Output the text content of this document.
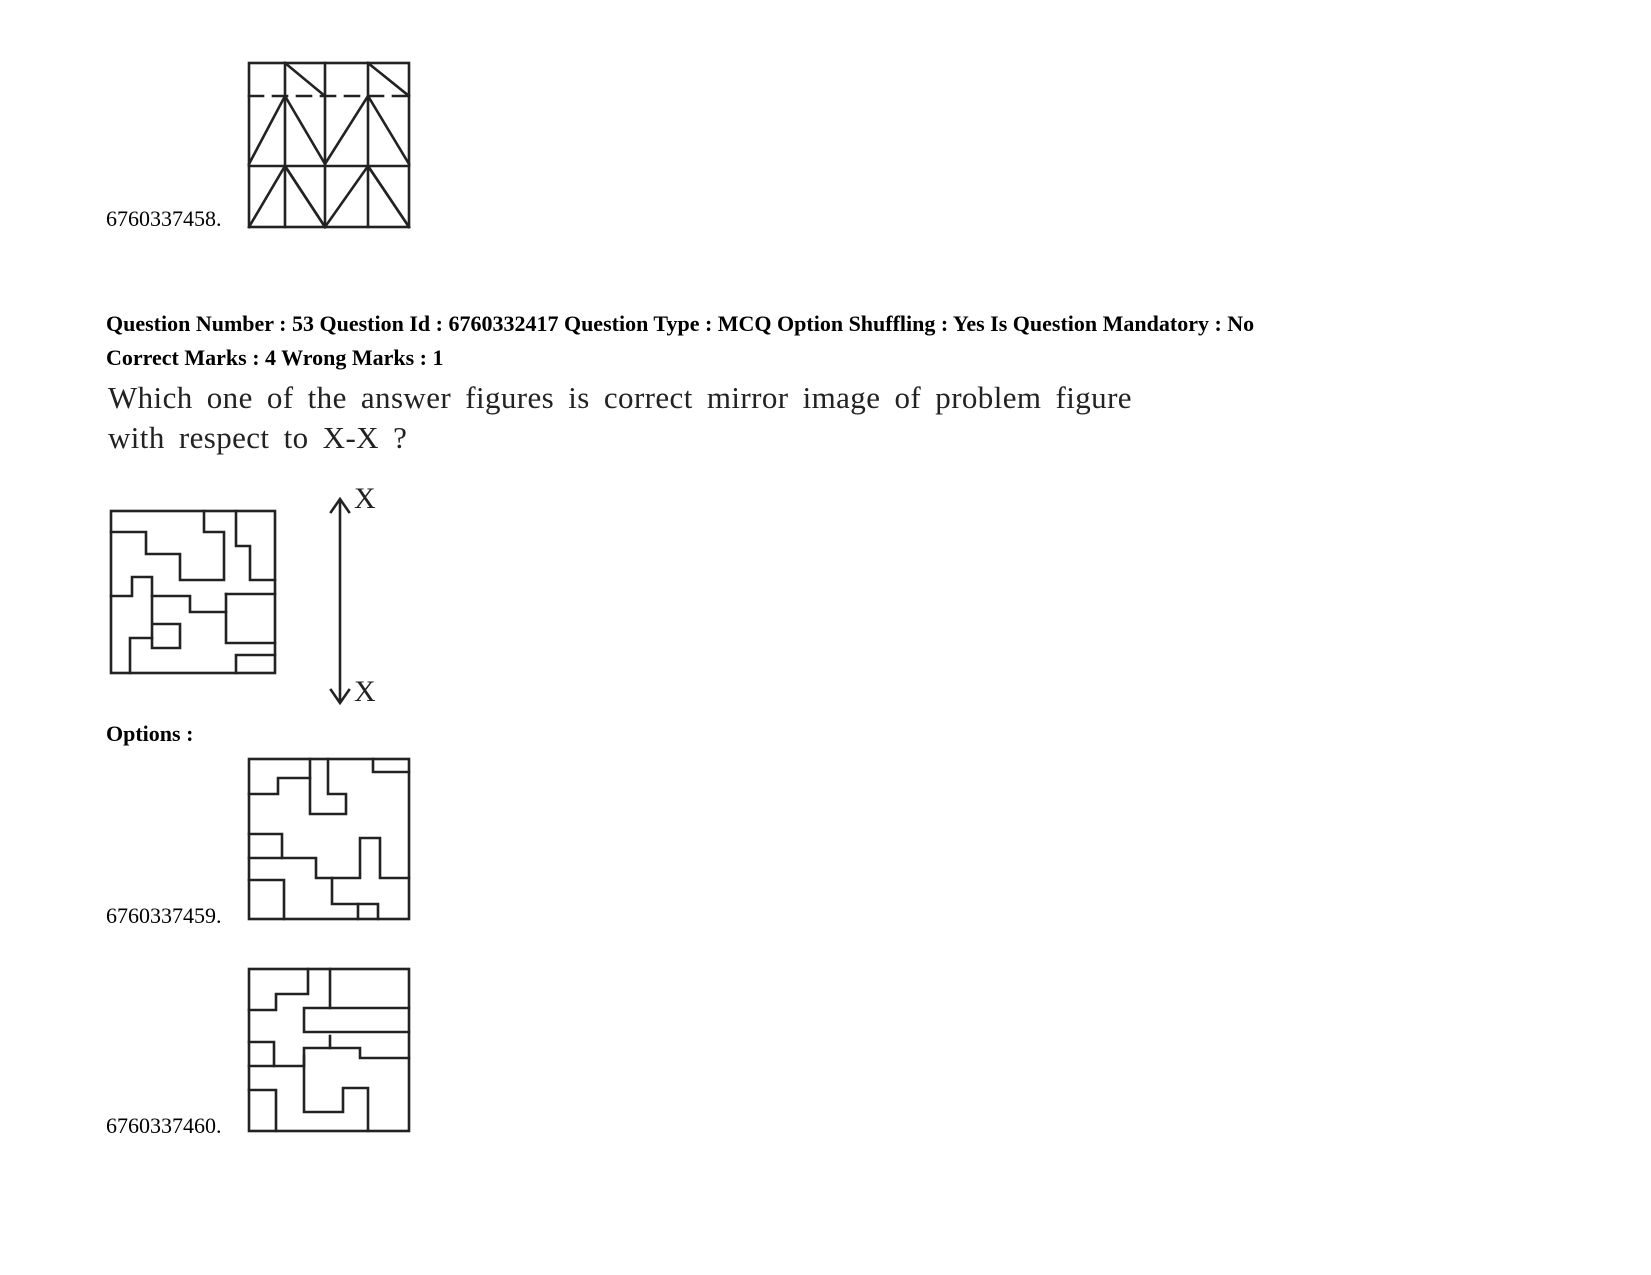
6760337458.
Question Number : 53 Question Id : 6760332417 Question Type : MCQ Option Shuffling : Yes Is Question Mandatory : No
Correct Marks : 4 Wrong Marks : 1
Which one of the answer figures is correct mirror image of problem figure
with respect to X-X ?
X
X
Options :
6760337459.
6760337460.
